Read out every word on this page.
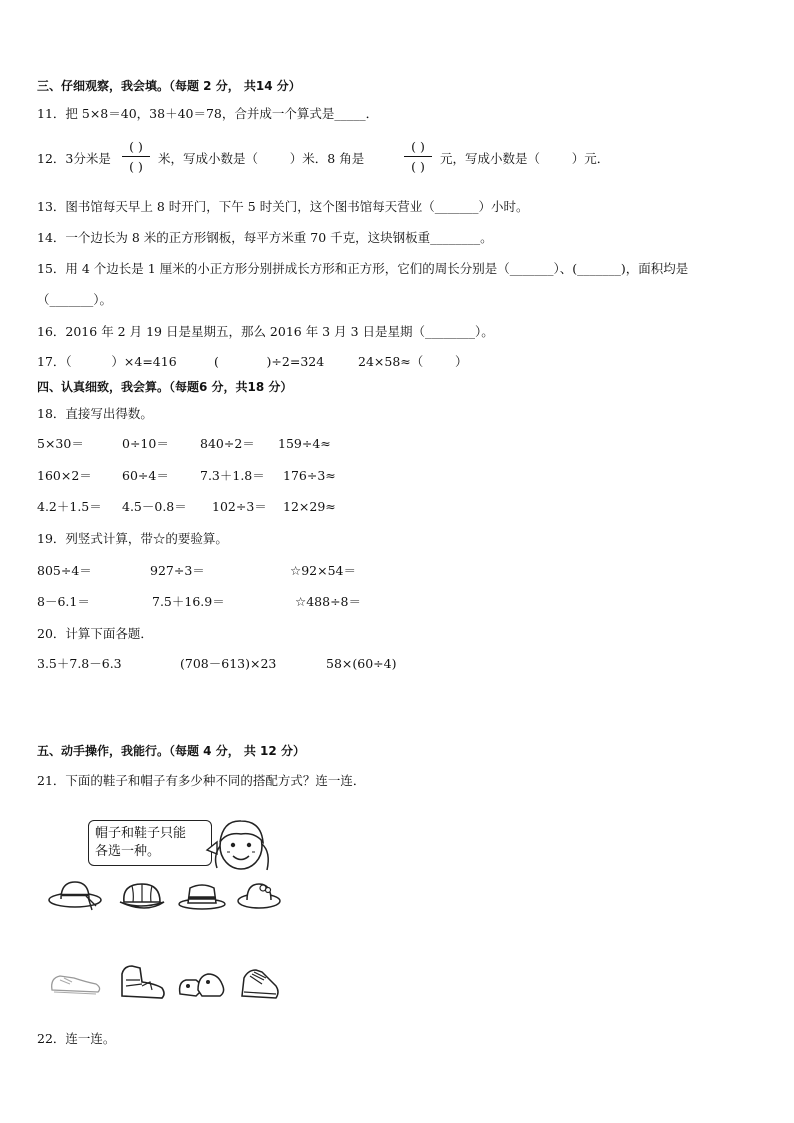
三、仔细观察，我会填。（每题 2 分， 共14 分）
11．把 5×8＝40，38＋40＝78，合并成一个算式是_____．
12．3分米是
( )
( )
米，写成小数是（        ）米．8 角是
( )
( )
元，写成小数是（        ）元．
13．图书馆每天早上 8 时开门，下午 5 时关门，这个图书馆每天营业（_______）小时。
14．一个边长为 8 米的正方形钢板，每平方米重 70 千克，这块钢板重________。
15．用 4 个边长是 1 厘米的小正方形分别拼成长方形和正方形，它们的周长分别是（_______）、(_______)，面积均是
（_______）。
16．2016 年 2 月 19 日是星期五，那么 2016 年 3 月 3 日是星期（________）。
17．（          ）×4=416	(            )÷2=324	24×58≈（        ）
四、认真细致，我会算。（每题6 分，共18 分）
18．直接写出得数。
5×30＝	0÷10＝ 840÷2＝ 159÷4≈
160×2＝ 60÷4＝ 7.3＋1.8＝ 176÷3≈
4.2＋1.5＝ 4.5－0.8＝ 102÷3＝ 12×29≈
19．列竖式计算，带☆的要验算。
805÷4＝	927÷3＝	☆92×54＝
8－6.1＝	7.5＋16.9＝	☆488÷8＝
20．计算下面各题．
3.5＋7.8－6.3	(708－613)×23	58×(60÷4)
五、动手操作，我能行。（每题 4 分， 共 12 分）
21．下面的鞋子和帽子有多少种不同的搭配方式？连一连．
帽子和鞋子只能
各选一种。
22．连一连。
